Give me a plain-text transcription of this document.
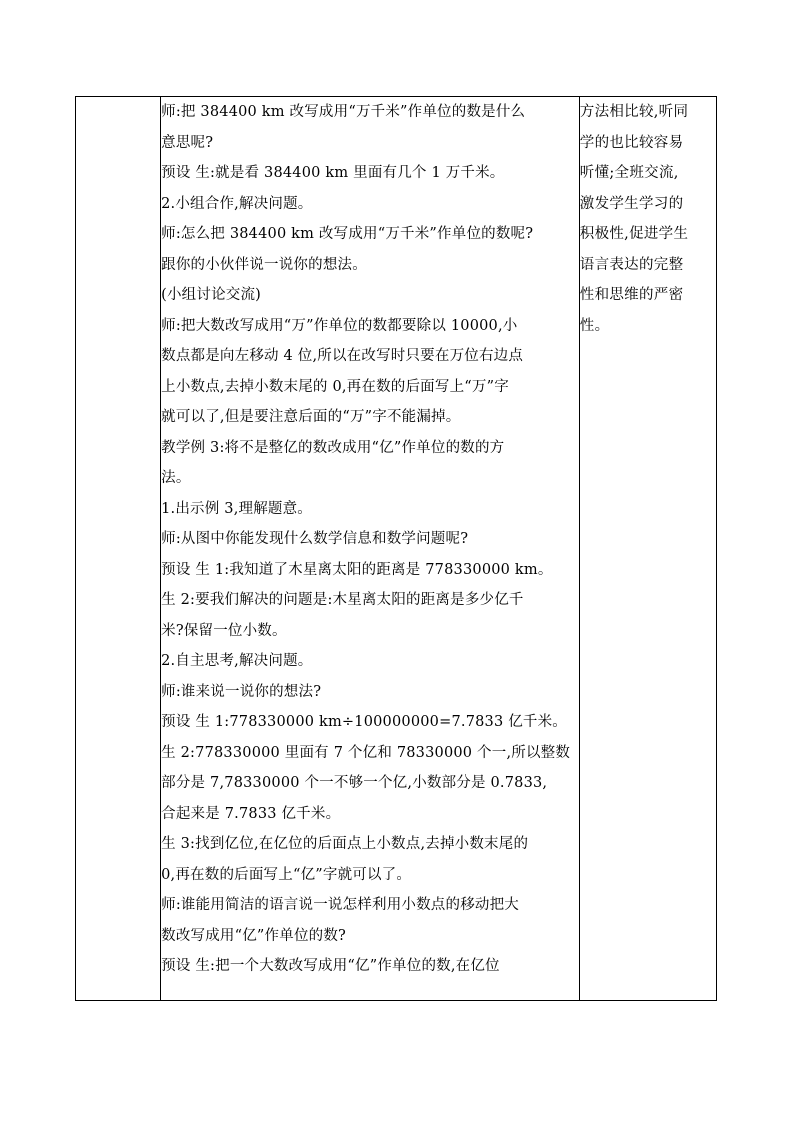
师:把 384400 km 改写成用“万千米”作单位的数是什么
意思呢?
预设 生:就是看 384400 km 里面有几个 1 万千米。
2.小组合作,解决问题。
师:怎么把 384400 km 改写成用“万千米”作单位的数呢?
跟你的小伙伴说一说你的想法。
(小组讨论交流)
师:把大数改写成用“万”作单位的数都要除以 10000,小
数点都是向左移动 4 位,所以在改写时只要在万位右边点
上小数点,去掉小数末尾的 0,再在数的后面写上“万”字
就可以了,但是要注意后面的“万”字不能漏掉。
教学例 3:将不是整亿的数改成用“亿”作单位的数的方
法。
1.出示例 3,理解题意。
师:从图中你能发现什么数学信息和数学问题呢?
预设 生 1:我知道了木星离太阳的距离是 778330000 km。
生 2:要我们解决的问题是:木星离太阳的距离是多少亿千
米?保留一位小数。
2.自主思考,解决问题。
师:谁来说一说你的想法?
预设 生 1:778330000 km÷100000000=7.7833 亿千米。
生 2:778330000 里面有 7 个亿和 78330000 个一,所以整数
部分是 7,78330000 个一不够一个亿,小数部分是 0.7833,
合起来是 7.7833 亿千米。
生 3:找到亿位,在亿位的后面点上小数点,去掉小数末尾的
0,再在数的后面写上“亿”字就可以了。
师:谁能用简洁的语言说一说怎样利用小数点的移动把大
数改写成用“亿”作单位的数?
预设 生:把一个大数改写成用“亿”作单位的数,在亿位

方法相比较,听同
学的也比较容易
听懂;全班交流,
激发学生学习的
积极性,促进学生
语言表达的完整
性和思维的严密
性。
